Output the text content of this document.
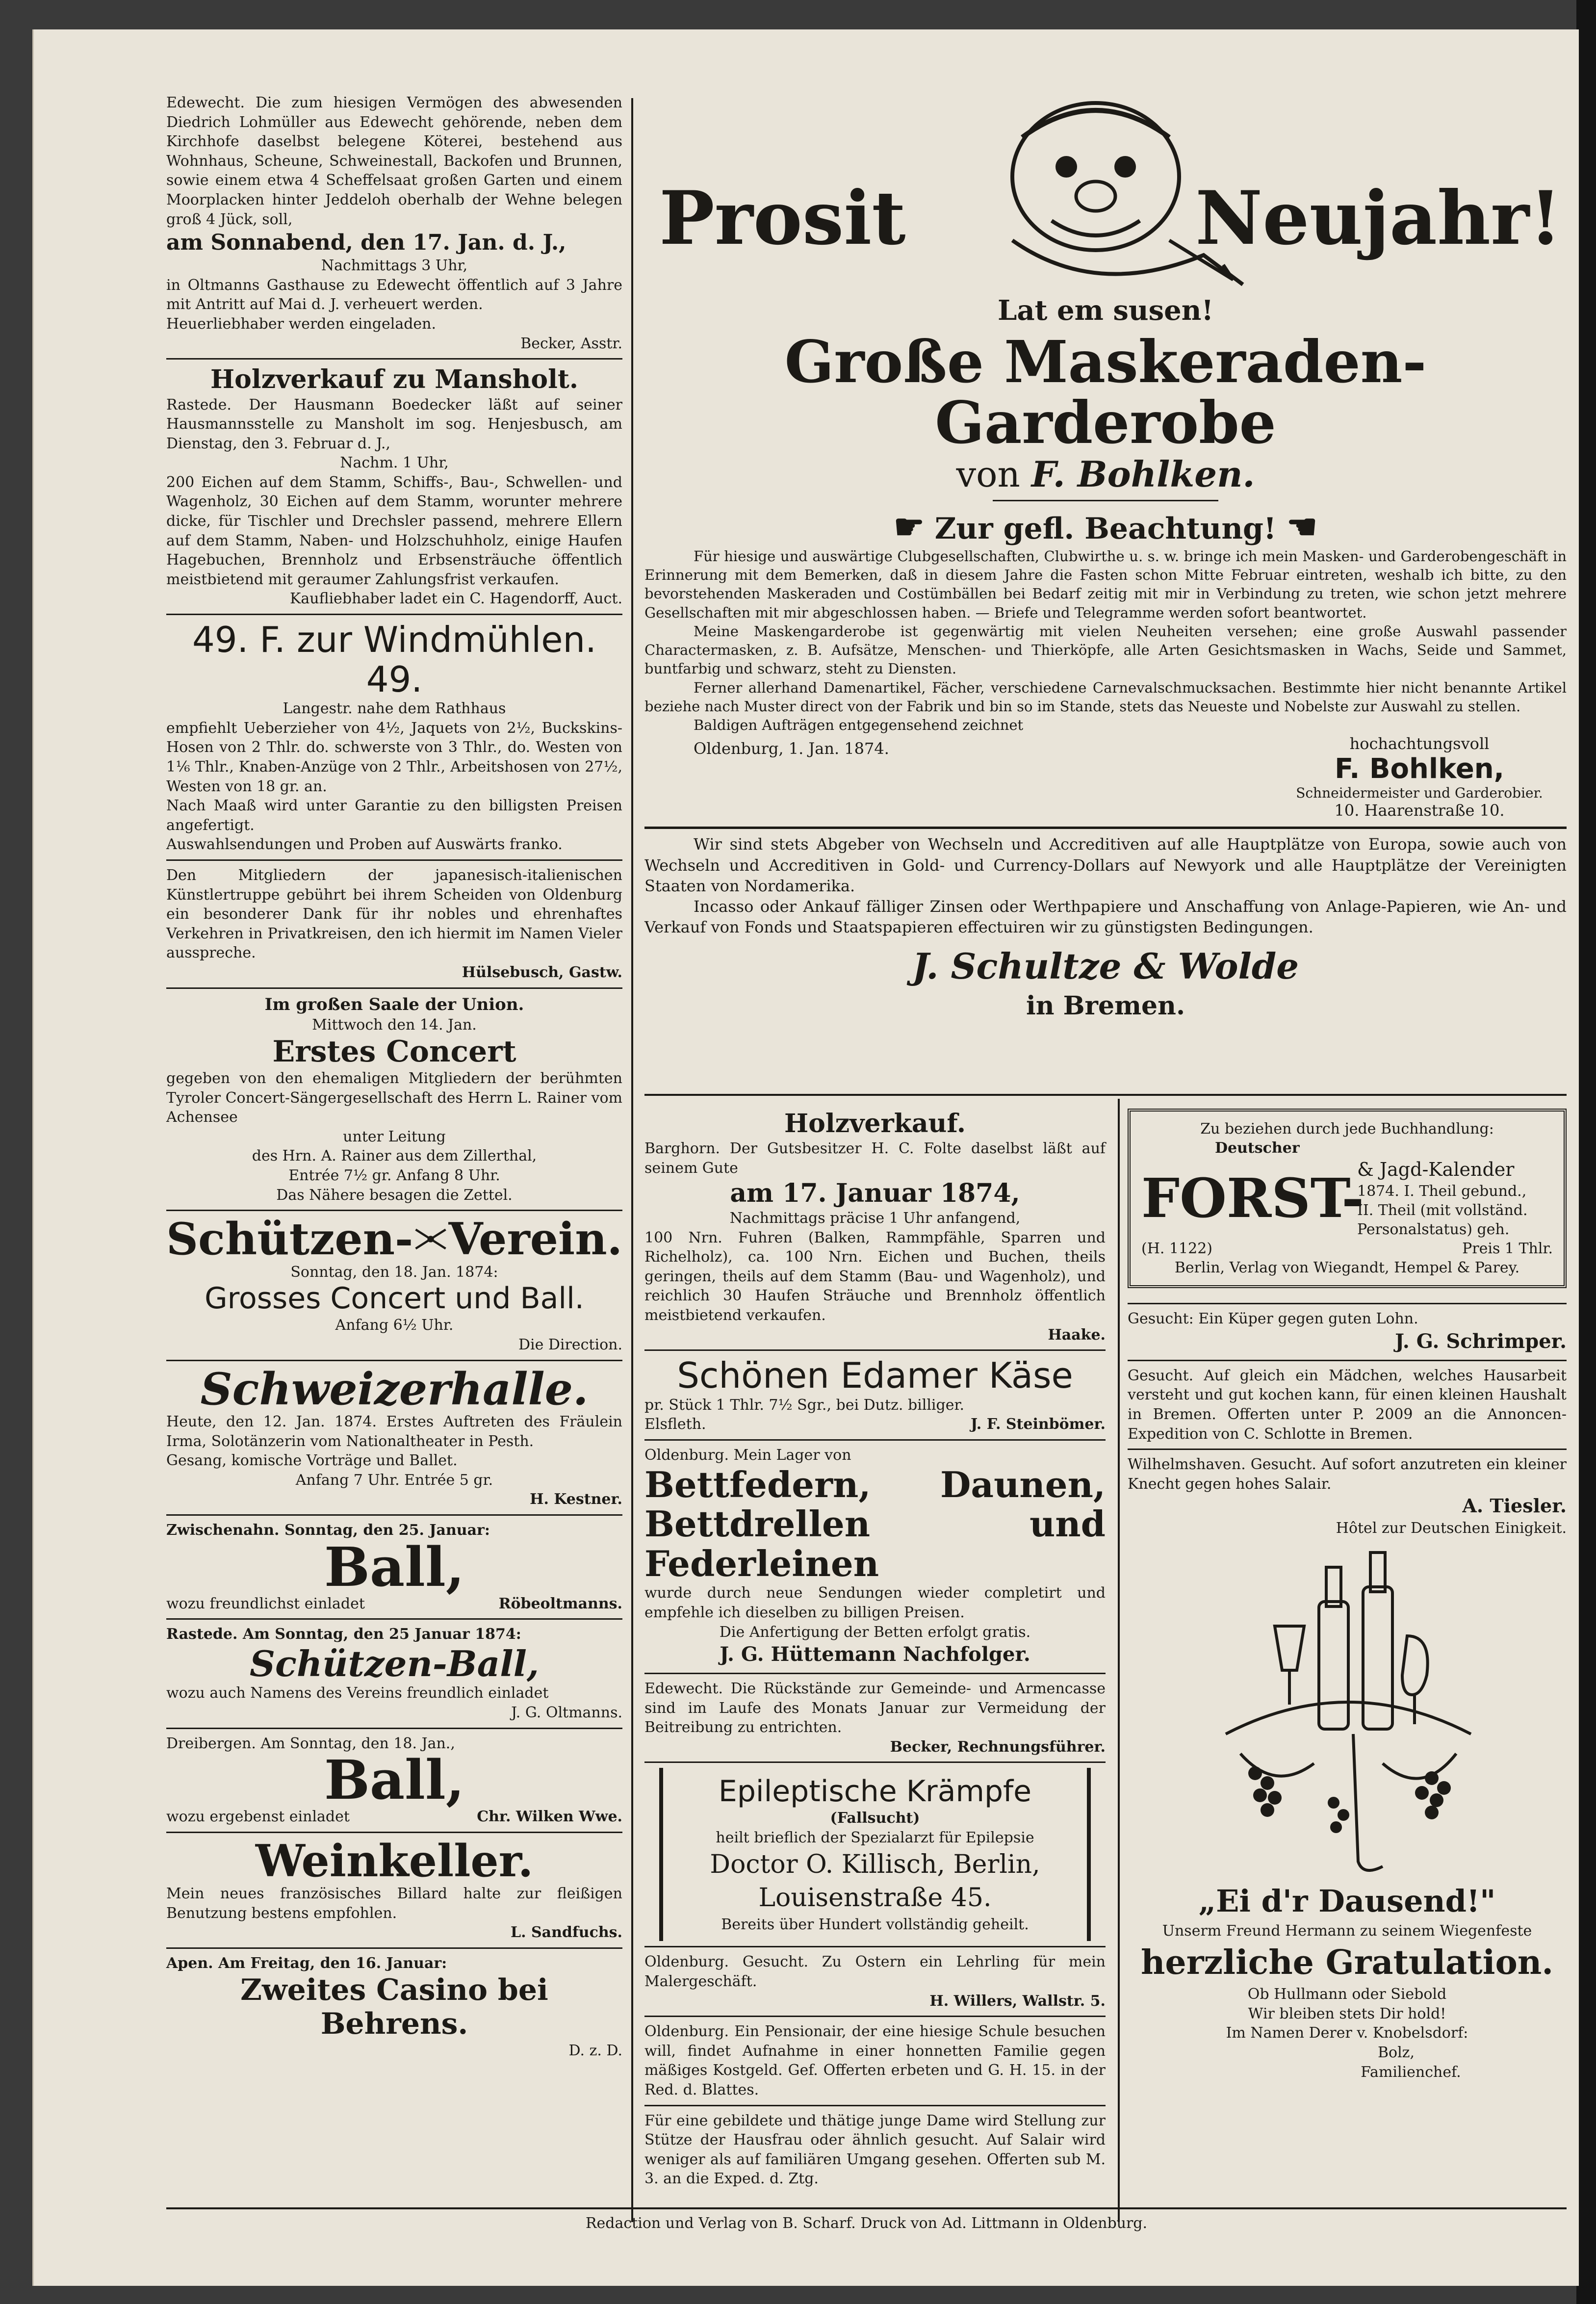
Edewecht. Die zum hiesigen Vermögen des abwesenden Diedrich Lohmüller aus Edewecht gehörende, neben dem Kirchhofe daselbst belegene Köterei, bestehend aus Wohnhaus, Scheune, Schweinestall, Backofen und Brunnen, sowie einem etwa 4 Scheffelsaat großen Garten und einem Moorplacken hinter Jeddeloh oberhalb der Wehne belegen groß 4 Jück, soll,

am Sonnabend, den 17. Jan. d. J.,

Nachmittags 3 Uhr,

in Oltmanns Gasthause zu Edewecht öffentlich auf 3 Jahre mit Antritt auf Mai d. J. verheuert werden.

Heuerliebhaber werden eingeladen.

Becker, Asstr.

Holzverkauf zu Mansholt.

Rastede. Der Hausmann Boedecker läßt auf seiner Hausmannsstelle zu Mansholt im sog. Henjesbusch, am Dienstag, den 3. Februar d. J.,

Nachm. 1 Uhr,

200 Eichen auf dem Stamm, Schiffs-, Bau-, Schwellen- und Wagenholz, 30 Eichen auf dem Stamm, worunter mehrere dicke, für Tischler und Drechsler passend, mehrere Ellern auf dem Stamm, Naben- und Holzschuhholz, einige Haufen Hagebuchen, Brennholz und Erbsensträuche öffentlich meistbietend mit geraumer Zahlungsfrist verkaufen.

Kaufliebhaber ladet ein C. Hagendorff, Auct.

49. F. zur Windmühlen. 49.

Langestr. nahe dem Rathhaus

empfiehlt Ueberzieher von 4½, Jaquets von 2½, Buckskins-Hosen von 2 Thlr. do. schwerste von 3 Thlr., do. Westen von 1⅙ Thlr., Knaben-Anzüge von 2 Thlr., Arbeitshosen von 27½, Westen von 18 gr. an.

Nach Maaß wird unter Garantie zu den billigsten Preisen angefertigt.

Auswahlsendungen und Proben auf Auswärts franko.

Den Mitgliedern der japanesisch-italienischen Künstlertruppe gebührt bei ihrem Scheiden von Oldenburg ein besonderer Dank für ihr nobles und ehrenhaftes Verkehren in Privatkreisen, den ich hiermit im Namen Vieler ausspreche.

Hülsebusch, Gastw.

Im großen Saale der Union.

Mittwoch den 14. Jan.

Erstes Concert

gegeben von den ehemaligen Mitgliedern der berühmten Tyroler Concert-Sängergesellschaft des Herrn L. Rainer vom Achensee

unter Leitung

des Hrn. A. Rainer aus dem Zillerthal,

Entrée 7½ gr. Anfang 8 Uhr.

Das Nähere besagen die Zettel.

Schützen- Verein.

Sonntag, den 18. Jan. 1874:

Grosses Concert und Ball.

Anfang 6½ Uhr.

Die Direction.

Schweizerhalle.

Heute, den 12. Jan. 1874. Erstes Auftreten des Fräulein Irma, Solotänzerin vom Nationaltheater in Pesth.

Gesang, komische Vorträge und Ballet.

Anfang 7 Uhr. Entrée 5 gr.

H. Kestner.

Zwischenahn. Sonntag, den 25. Januar:

Ball,

wozu freundlichst einladet	Röbeoltmanns.

Rastede. Am Sonntag, den 25 Januar 1874:

Schützen-Ball,

wozu auch Namens des Vereins freundlich einladet

J. G. Oltmanns.

Dreibergen. Am Sonntag, den 18. Jan.,

Ball,

wozu ergebenst einladet	Chr. Wilken Wwe.

Weinkeller.

Mein neues französisches Billard halte zur fleißigen Benutzung bestens empfohlen.

L. Sandfuchs.

Apen. Am Freitag, den 16. Januar:

Zweites Casino bei Behrens.

D. z. D.

Prosit	Neujahr!

Lat em susen!

Große Maskeraden-Garderobe

von F. Bohlken.

☛ Zur gefl. Beachtung! ☚

Für hiesige und auswärtige Clubgesellschaften, Clubwirthe u. s. w. bringe ich mein Masken- und Garderobengeschäft in Erinnerung mit dem Bemerken, daß in diesem Jahre die Fasten schon Mitte Februar eintreten, weshalb ich bitte, zu den bevorstehenden Maskeraden und Costümbällen bei Bedarf zeitig mit mir in Verbindung zu treten, wie schon jetzt mehrere Gesellschaften mit mir abgeschlossen haben. — Briefe und Telegramme werden sofort beantwortet.

Meine Maskengarderobe ist gegenwärtig mit vielen Neuheiten versehen; eine große Auswahl passender Charactermasken, z. B. Aufsätze, Menschen- und Thierköpfe, alle Arten Gesichtsmasken in Wachs, Seide und Sammet, buntfarbig und schwarz, steht zu Diensten.

Ferner allerhand Damenartikel, Fächer, verschiedene Carnevalschmucksachen. Bestimmte hier nicht benannte Artikel beziehe nach Muster direct von der Fabrik und bin so im Stande, stets das Neueste und Nobelste zur Auswahl zu stellen.

Baldigen Aufträgen entgegensehend zeichnet

Oldenburg, 1. Jan. 1874.	hochachtungsvoll
F. Bohlken,
Schneidermeister und Garderobier.
10. Haarenstraße 10.

Wir sind stets Abgeber von Wechseln und Accreditiven auf alle Hauptplätze von Europa, sowie auch von Wechseln und Accreditiven in Gold- und Currency-Dollars auf Newyork und alle Hauptplätze der Vereinigten Staaten von Nordamerika.

Incasso oder Ankauf fälliger Zinsen oder Werthpapiere und Anschaffung von Anlage-Papieren, wie An- und Verkauf von Fonds und Staatspapieren effectuiren wir zu günstigsten Bedingungen.

J. Schultze & Wolde

in Bremen.

Holzverkauf.

Barghorn. Der Gutsbesitzer H. C. Folte daselbst läßt auf seinem Gute

am 17. Januar 1874,

Nachmittags präcise 1 Uhr anfangend,

100 Nrn. Fuhren (Balken, Rammpfähle, Sparren und Richelholz), ca. 100 Nrn. Eichen und Buchen, theils geringen, theils auf dem Stamm (Bau- und Wagenholz), und reichlich 30 Haufen Sträuche und Brennholz öffentlich meistbietend verkaufen.

Haake.

Schönen Edamer Käse

pr. Stück 1 Thlr. 7½ Sgr., bei Dutz. billiger.

Elsfleth.	J. F. Steinbömer.

Oldenburg. Mein Lager von

Bettfedern, Daunen, Bettdrellen und Federleinen

wurde durch neue Sendungen wieder completirt und empfehle ich dieselben zu billigen Preisen.

Die Anfertigung der Betten erfolgt gratis.

J. G. Hüttemann Nachfolger.

Edewecht. Die Rückstände zur Gemeinde- und Armencasse sind im Laufe des Monats Januar zur Vermeidung der Beitreibung zu entrichten.

Becker, Rechnungsführer.

Epileptische Krämpfe

(Fallsucht)

heilt brieflich der Spezialarzt für Epilepsie

Doctor O. Killisch, Berlin,

Louisenstraße 45.

Bereits über Hundert vollständig geheilt.

Oldenburg. Gesucht. Zu Ostern ein Lehrling für mein Malergeschäft.

H. Willers, Wallstr. 5.

Oldenburg. Ein Pensionair, der eine hiesige Schule besuchen will, findet Aufnahme in einer honnetten Familie gegen mäßiges Kostgeld. Gef. Offerten erbeten und G. H. 15. in der Red. d. Blattes.

Für eine gebildete und thätige junge Dame wird Stellung zur Stütze der Hausfrau oder ähnlich gesucht. Auf Salair wird weniger als auf familiären Umgang gesehen. Offerten sub M. 3. an die Exped. d. Ztg.

Zu beziehen durch jede Buchhandlung:
Deutscher
FORST-
& Jagd-Kalender
1874. I. Theil gebund.,
II. Theil (mit vollständ. Personalstatus) geh.
(H. 1122)	Preis 1 Thlr.
Berlin, Verlag von Wiegandt, Hempel & Parey.

Gesucht: Ein Küper gegen guten Lohn.

J. G. Schrimper.

Gesucht. Auf gleich ein Mädchen, welches Hausarbeit versteht und gut kochen kann, für einen kleinen Haushalt in Bremen. Offerten unter P. 2009 an die Annoncen-Expedition von C. Schlotte in Bremen.

Wilhelmshaven. Gesucht. Auf sofort anzutreten ein kleiner Knecht gegen hohes Salair.

A. Tiesler.

Hôtel zur Deutschen Einigkeit.

„Ei d'r Dausend!"

Unserm Freund Hermann zu seinem Wiegenfeste

herzliche Gratulation.

Ob Hullmann oder Siebold

Wir bleiben stets Dir hold!

Im Namen Derer v. Knobelsdorf:

Bolz,

Familienchef.

Redaction und Verlag von B. Scharf. Druck von Ad. Littmann in Oldenburg.
